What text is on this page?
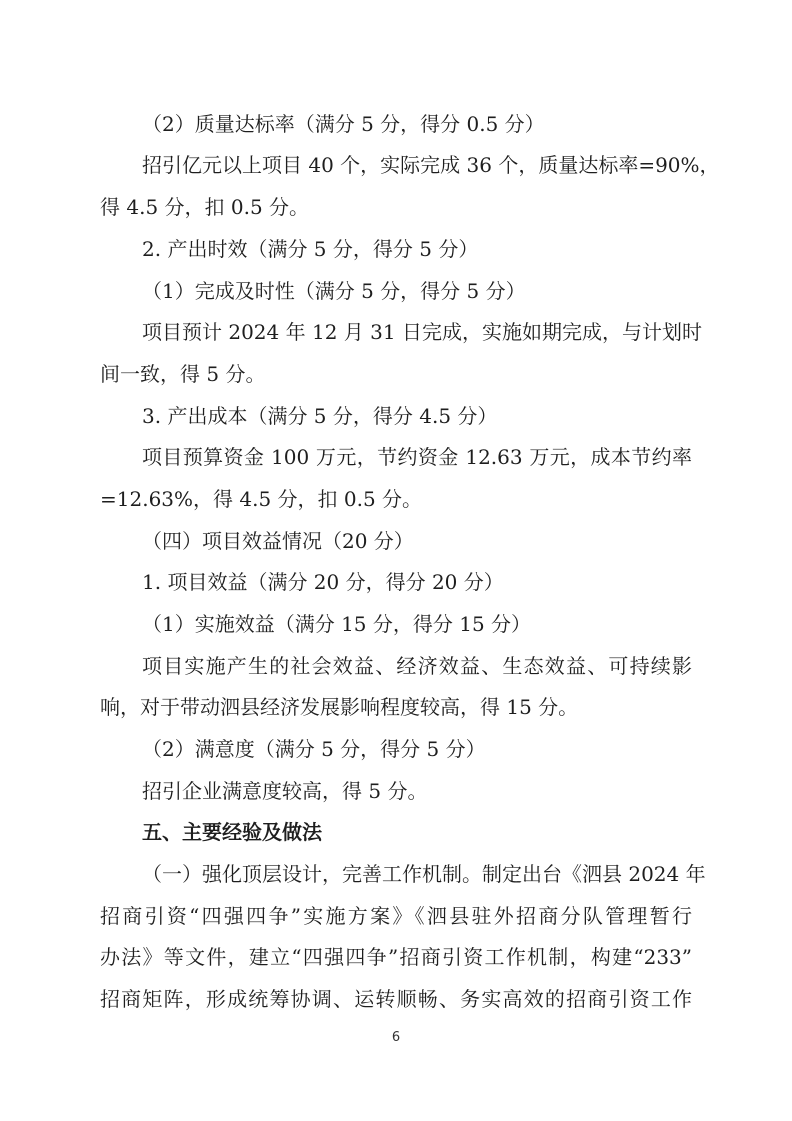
（2）质量达标率（满分 5 分，得分 0.5 分）
招引亿元以上项目 40 个，实际完成 36 个，质量达标率=90%，
得 4.5 分，扣 0.5 分。
2. 产出时效（满分 5 分，得分 5 分）
（1）完成及时性（满分 5 分，得分 5 分）
项目预计 2024 年 12 月 31 日完成，实施如期完成，与计划时
间一致，得 5 分。
3. 产出成本（满分 5 分，得分 4.5 分）
项目预算资金 100 万元，节约资金 12.63 万元，成本节约率
=12.63%，得 4.5 分，扣 0.5 分。
（四）项目效益情况（20 分）
1. 项目效益（满分 20 分，得分 20 分）
（1）实施效益（满分 15 分，得分 15 分）
项目实施产生的社会效益、经济效益、生态效益、可持续影
响，对于带动泗县经济发展影响程度较高，得 15 分。
（2）满意度（满分 5 分，得分 5 分）
招引企业满意度较高，得 5 分。
五、主要经验及做法
（一）强化顶层设计，完善工作机制。制定出台《泗县 2024 年
招商引资“四强四争”实施方案》《泗县驻外招商分队管理暂行
办法》等文件，建立“四强四争”招商引资工作机制，构建“233”
招商矩阵，形成统筹协调、运转顺畅、务实高效的招商引资工作
6
